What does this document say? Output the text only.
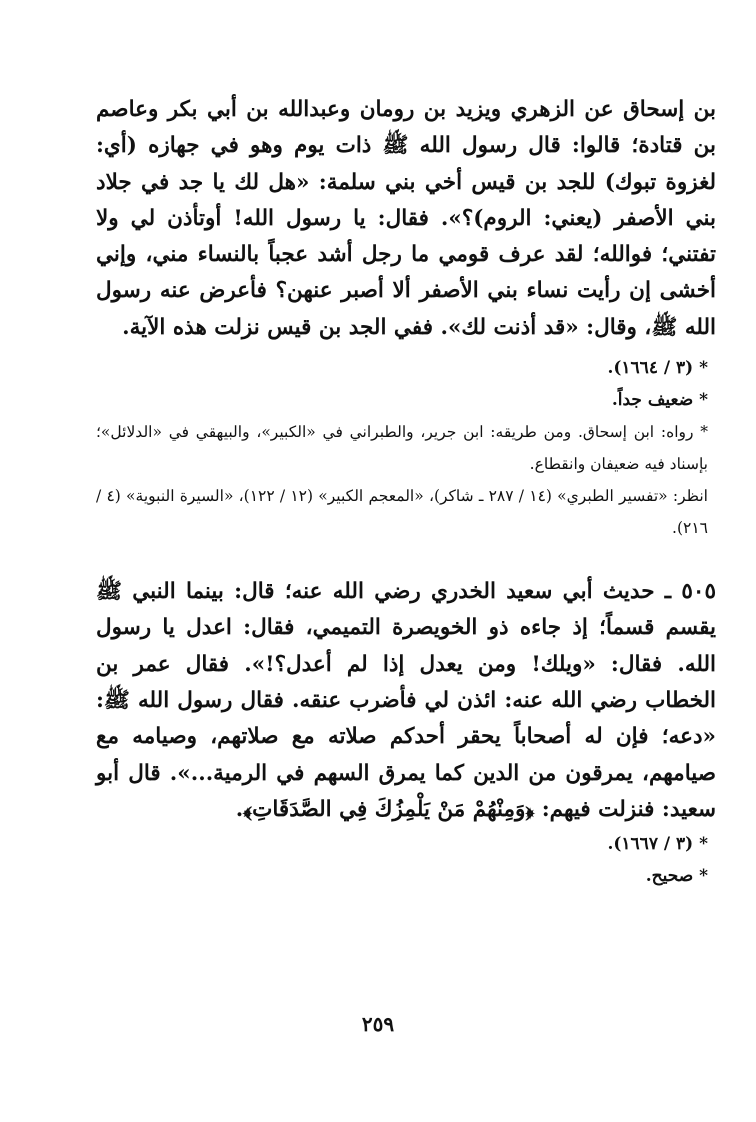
بن إسحاق عن الزهري ويزيد بن رومان وعبدالله بن أبي بكر وعاصم بن قتادة؛ قالوا: قال رسول الله ﷺ ذات يوم وهو في جهازه (أي: لغزوة تبوك) للجد بن قيس أخي بني سلمة: «هل لك يا جد في جلاد بني الأصفر (يعني: الروم)؟». فقال: يا رسول الله! أوتأذن لي ولا تفتني؛ فوالله؛ لقد عرف قومي ما رجل أشد عجباً بالنساء مني، وإني أخشى إن رأيت نساء بني الأصفر ألا أصبر عنهن؟ فأعرض عنه رسول الله ﷺ، وقال: «قد أذنت لك». ففي الجد بن قيس نزلت هذه الآية.

* (٣ / ١٦٦٤).

* ضعيف جداً.

* رواه: ابن إسحاق. ومن طريقه: ابن جرير، والطبراني في «الكبير»، والبيهقي في «الدلائل»؛ بإسناد فيه ضعيفان وانقطاع.

انظر: «تفسير الطبري» (١٤ / ٢٨٧ ـ شاكر)، «المعجم الكبير» (١٢ / ١٢٢)، «السيرة النبوية» (٤ / ٢١٦).

٥٠٥ ـ حديث أبي سعيد الخدري رضي الله عنه؛ قال: بينما النبي ﷺ يقسم قسماً؛ إذ جاءه ذو الخويصرة التميمي، فقال: اعدل يا رسول الله. فقال: «ويلك! ومن يعدل إذا لم أعدل؟!». فقال عمر بن الخطاب رضي الله عنه: ائذن لي فأضرب عنقه. فقال رسول الله ﷺ: «دعه؛ فإن له أصحاباً يحقر أحدكم صلاته مع صلاتهم، وصيامه مع صيامهم، يمرقون من الدين كما يمرق السهم في الرمية...». قال أبو سعيد: فنزلت فيهم: ﴿وَمِنْهُمْ مَنْ يَلْمِزُكَ فِي الصَّدَقَاتِ﴾.

* (٣ / ١٦٦٧).

* صحيح.

٢٥٩
